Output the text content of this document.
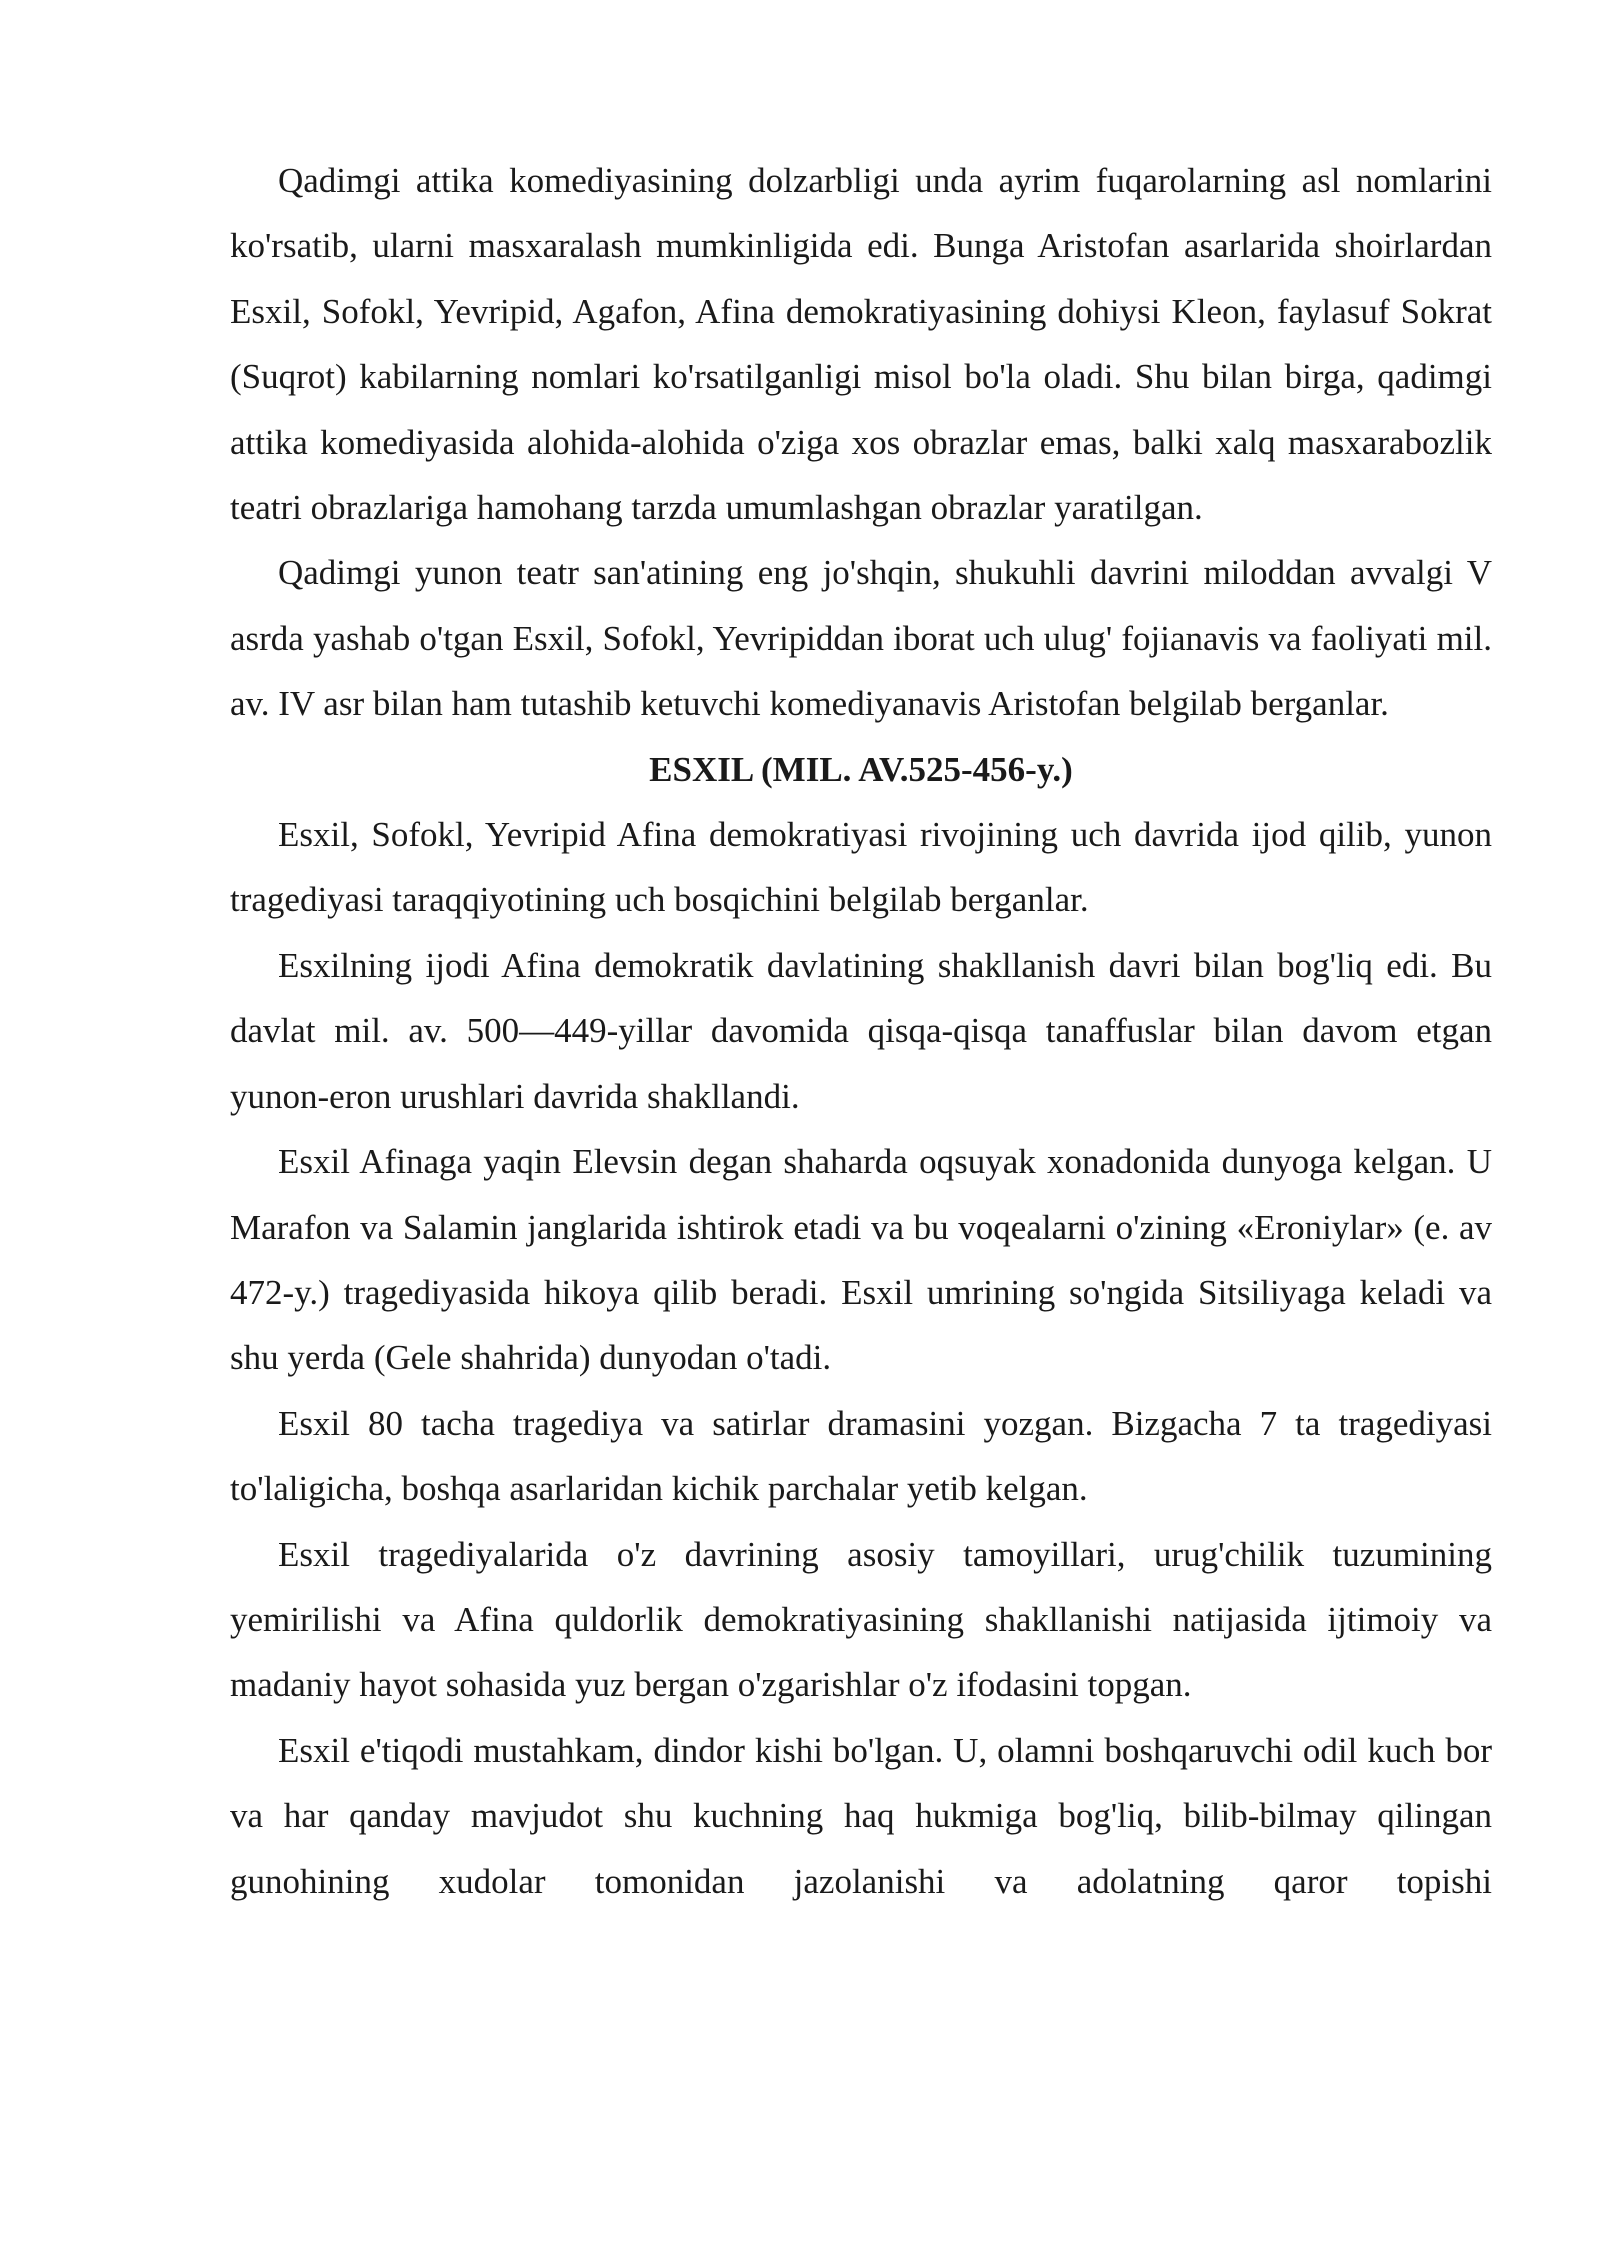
Qadimgi attika komediyasining dolzarbligi unda ayrim fuqarolarning asl nomlarini ko'rsatib, ularni masxaralash mumkinligida edi. Bunga Aristofan asarlarida shoirlardan Esxil, Sofokl, Yevripid, Agafon, Afina demokratiyasining dohiysi Kleon, faylasuf Sokrat (Suqrot) kabilarning nomlari ko'rsatilganligi misol bo'la oladi. Shu bilan birga, qadimgi attika komediyasida alohida-alohida o'ziga xos obrazlar emas, balki xalq masxarabozlik teatri obrazlariga hamohang tarzda umumlashgan obrazlar yaratilgan.

Qadimgi yunon teatr san'atining eng jo'shqin, shukuhli davrini miloddan avvalgi V asrda yashab o'tgan Esxil, Sofokl, Yevripiddan iborat uch ulug' fojianavis va faoliyati mil. av. IV asr bilan ham tutashib ketuvchi komediyanavis Aristofan belgilab berganlar.

ESXIL (MIL. AV.525-456-y.)

Esxil, Sofokl, Yevripid Afina demokratiyasi rivojining uch davrida ijod qilib, yunon tragediyasi taraqqiyotining uch bosqichini belgilab berganlar.

Esxilning ijodi Afina demokratik davlatining shakllanish davri bilan bog'liq edi. Bu davlat mil. av. 500—449-yillar davomida qisqa-qisqa tanaffuslar bilan davom etgan yunon-eron urushlari davrida shakllandi.

Esxil Afinaga yaqin Elevsin degan shaharda oqsuyak xonadonida dunyoga kelgan. U Marafon va Salamin janglarida ishtirok etadi va bu voqealarni o'zining «Eroniylar» (e. av 472-y.) tragediyasida hikoya qilib beradi. Esxil umrining so'ngida Sitsiliyaga keladi va shu yerda (Gele shahrida) dunyodan o'tadi.

Esxil 80 tacha tragediya va satirlar dramasini yozgan. Bizgacha 7 ta tragediyasi to'laligicha, boshqa asarlaridan kichik parchalar yetib kelgan.

Esxil tragediyalarida o'z davrining asosiy tamoyillari, urug'chilik tuzumining yemirilishi va Afina quldorlik demokratiyasining shakllanishi natijasida ijtimoiy va madaniy hayot sohasida yuz bergan o'zgarishlar o'z ifodasini topgan.

Esxil e'tiqodi mustahkam, dindor kishi bo'lgan. U, olamni boshqaruvchi odil kuch bor va har qanday mavjudot shu kuchning haq hukmiga bog'liq, bilib-bilmay qilingan gunohining xudolar tomonidan jazolanishi va adolatning qaror topishi
